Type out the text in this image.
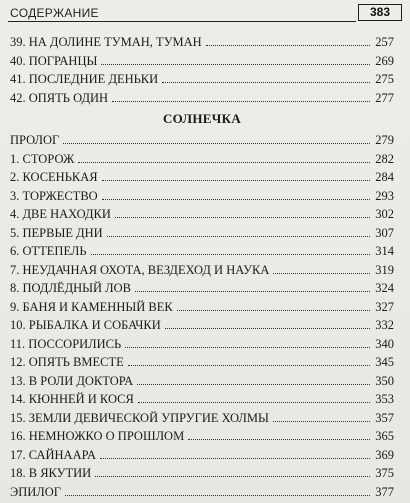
СОДЕРЖАНИЕ	383
39. НА ДОЛИНЕ ТУМАН, ТУМАН	257
40. ПОГРАНЦЫ	269
41. ПОСЛЕДНИЕ ДЕНЬКИ	275
42. ОПЯТЬ ОДИН	277
СОЛНЕЧКА
ПРОЛОГ	279
1. СТОРОЖ	282
2. КОСЕНЬКАЯ	284
3. ТОРЖЕСТВО	293
4. ДВЕ НАХОДКИ	302
5. ПЕРВЫЕ ДНИ	307
6. ОТТЕПЕЛЬ	314
7. НЕУДАЧНАЯ ОХОТА, ВЕЗДЕХОД И НАУКА	319
8. ПОДЛЁДНЫЙ ЛОВ	324
9. БАНЯ И КАМЕННЫЙ ВЕК	327
10. РЫБАЛКА И СОБАЧКИ	332
11. ПОССОРИЛИСЬ	340
12. ОПЯТЬ ВМЕСТЕ	345
13. В РОЛИ ДОКТОРА	350
14. КЮННЕЙ И КОСЯ	353
15. ЗЕМЛИ ДЕВИЧЕСКОЙ УПРУГИЕ ХОЛМЫ	357
16. НЕМНОЖКО О ПРОШЛОМ	365
17. САЙНААРА	369
18. В ЯКУТИИ	375
ЭПИЛОГ	377
